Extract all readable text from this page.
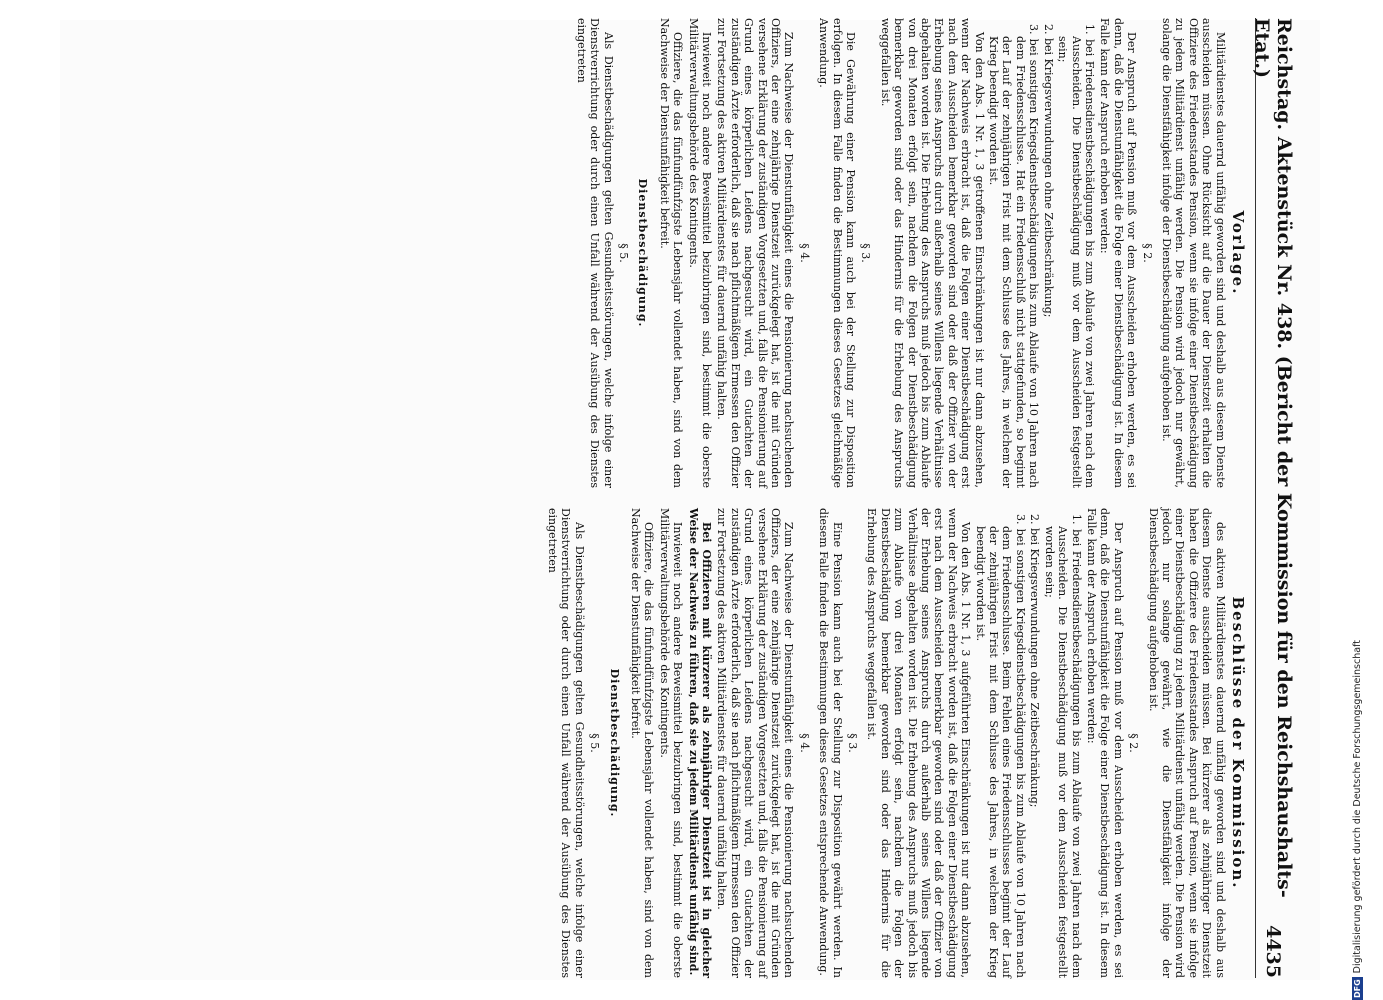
Reichstag. Aktenstück Nr. 438. (Bericht der Kommission für den Reichshaushalts-Etat.)
4435
Vorlage.

Militärdienstes dauernd unfähig geworden sind und deshalb aus diesem Dienste ausscheiden müssen. Ohne Rücksicht auf die Dauer der Dienstzeit erhalten die Offiziere des Friedensstandes Pension, wenn sie infolge einer Dienstbeschädigung zu jedem Militärdienst unfähig werden. Die Pension wird jedoch nur gewährt, solange die Dienstfähigkeit infolge der Dienstbeschädigung aufgehoben ist.

§ 2.

Der Anspruch auf Pension muß vor dem Ausscheiden erhoben werden, es sei denn, daß die Dienstunfähigkeit die Folge einer Dienstbeschädigung ist. In diesem Falle kann der Anspruch erhoben werden:

1. bei Friedensdienstbeschädigungen bis zum Ablaufe von zwei Jahren nach dem Ausscheiden. Die Dienstbeschädigung muß vor dem Ausscheiden festgestellt sein;
2. bei Kriegsverwundungen ohne Zeitbeschränkung;
3. bei sonstigen Kriegsdienstbeschädigungen bis zum Ablaufe von 10 Jahren nach dem Friedensschlusse. Hat ein Friedensschluß nicht stattgefunden, so beginnt der Lauf der zehnjährigen Frist mit dem Schlusse des Jahres, in welchem der Krieg beendigt worden ist.

Von den Abs. 1 Nr. 1, 3 getroffenen Einschränkungen ist nur dann abzusehen, wenn der Nachweis erbracht ist, daß die Folgen einer Dienstbeschädigung erst nach dem Ausscheiden bemerkbar geworden sind oder daß der Offizier von der Erhebung seines Anspruchs durch außerhalb seines Willens liegende Verhältnisse abgehalten worden ist. Die Erhebung des Anspruchs muß jedoch bis zum Ablaufe von drei Monaten erfolgt sein, nachdem die Folgen der Dienstbeschädigung bemerkbar geworden sind oder das Hindernis für die Erhebung des Anspruchs weggefallen ist.

§ 3.

Die Gewährung einer Pension kann auch bei der Stellung zur Disposition erfolgen. In diesem Falle finden die Bestimmungen dieses Gesetzes gleichmäßige Anwendung.

§ 4.

Zum Nachweise der Dienstunfähigkeit eines die Pensionierung nachsuchenden Offiziers, der eine zehnjährige Dienstzeit zurückgelegt hat, ist die mit Gründen versehene Erklärung der zuständigen Vorgesetzten und, falls die Pensionierung auf Grund eines körperlichen Leidens nachgesucht wird, ein Gutachten der zuständigen Ärzte erforderlich, daß sie nach pflichtmäßigem Ermessen den Offizier zur Fortsetzung des aktiven Militärdienstes für dauernd unfähig halten.

Inwieweit noch andere Beweismittel beizubringen sind, bestimmt die oberste Militärverwaltungsbehörde des Kontingents.

Offiziere, die das fünfundfünfzigste Lebensjahr vollendet haben, sind von dem Nachweise der Dienstunfähigkeit befreit.

Dienstbeschädigung.
§ 5.

Als Dienstbeschädigungen gelten Gesundheitsstörungen, welche infolge einer Dienstverrichtung oder durch einen Unfall während der Ausübung des Dienstes eingetreten

Beschlüsse der Kommission.

des aktiven Militärdienstes dauernd unfähig geworden sind und deshalb aus diesem Dienste ausscheiden müssen. Bei kürzerer als zehnjähriger Dienstzeit haben die Offiziere des Friedensstandes Anspruch auf Pension, wenn sie infolge einer Dienstbeschädigung zu jedem Militärdienst unfähig werden. Die Pension wird jedoch nur solange gewährt, wie die Dienstfähigkeit infolge der Dienstbeschädigung aufgehoben ist.

§ 2.

Der Anspruch auf Pension muß vor dem Ausscheiden erhoben werden, es sei denn, daß die Dienstunfähigkeit die Folge einer Dienstbeschädigung ist. In diesem Falle kann der Anspruch erhoben werden:

1. bei Friedensdienstbeschädigungen bis zum Ablaufe von zwei Jahren nach dem Ausscheiden. Die Dienstbeschädigung muß vor dem Ausscheiden festgestellt worden sein;
2. bei Kriegsverwundungen ohne Zeitbeschränkung;
3. bei sonstigen Kriegsdienstbeschädigungen bis zum Ablaufe von 10 Jahren nach dem Friedensschlusse. Beim Fehlen eines Friedensschlusses beginnt der Lauf der zehnjährigen Frist mit dem Schlusse des Jahres, in welchem der Krieg beendigt worden ist.

Von den Abs. 1 Nr. 1, 3 aufgeführten Einschränkungen ist nur dann abzusehen, wenn der Nachweis erbracht worden ist, daß die Folgen einer Dienstbeschädigung erst nach dem Ausscheiden bemerkbar geworden sind oder daß der Offizier von der Erhebung seines Anspruchs durch außerhalb seines Willens liegende Verhältnisse abgehalten worden ist. Die Erhebung des Anspruchs muß jedoch bis zum Ablaufe von drei Monaten erfolgt sein, nachdem die Folgen der Dienstbeschädigung bemerkbar geworden sind oder das Hindernis für die Erhebung des Anspruchs weggefallen ist.

§ 3.

Eine Pension kann auch bei der Stellung zur Disposition gewährt werden. In diesem Falle finden die Bestimmungen dieses Gesetzes entsprechende Anwendung.

§ 4.

Zum Nachweise der Dienstunfähigkeit eines die Pensionierung nachsuchenden Offiziers, der eine zehnjährige Dienstzeit zurückgelegt hat, ist die mit Gründen versehene Erklärung der zuständigen Vorgesetzten und, falls die Pensionierung auf Grund eines körperlichen Leidens nachgesucht wird, ein Gutachten der zuständigen Ärzte erforderlich, daß sie nach pflichtmäßigem Ermessen den Offizier zur Fortsetzung des aktiven Militärdienstes für dauernd unfähig halten.

Bei Offizieren mit kürzerer als zehnjähriger Dienstzeit ist in gleicher Weise der Nachweis zu führen, daß sie zu jedem Militärdienst unfähig sind.

Inwieweit noch andere Beweismittel beizubringen sind, bestimmt die oberste Militärverwaltungsbehörde des Kontingents.

Offiziere, die das fünfundfünfzigste Lebensjahr vollendet haben, sind von dem Nachweise der Dienstunfähigkeit befreit.

Dienstbeschädigung.
§ 5.

Als Dienstbeschädigungen gelten Gesundheitsstörungen, welche infolge einer Dienstverrichtung oder durch einen Unfall während der Ausübung des Dienstes eingetreten

DFGDigitalisierung gefördert durch die Deutsche Forschungsgemeinschaft
